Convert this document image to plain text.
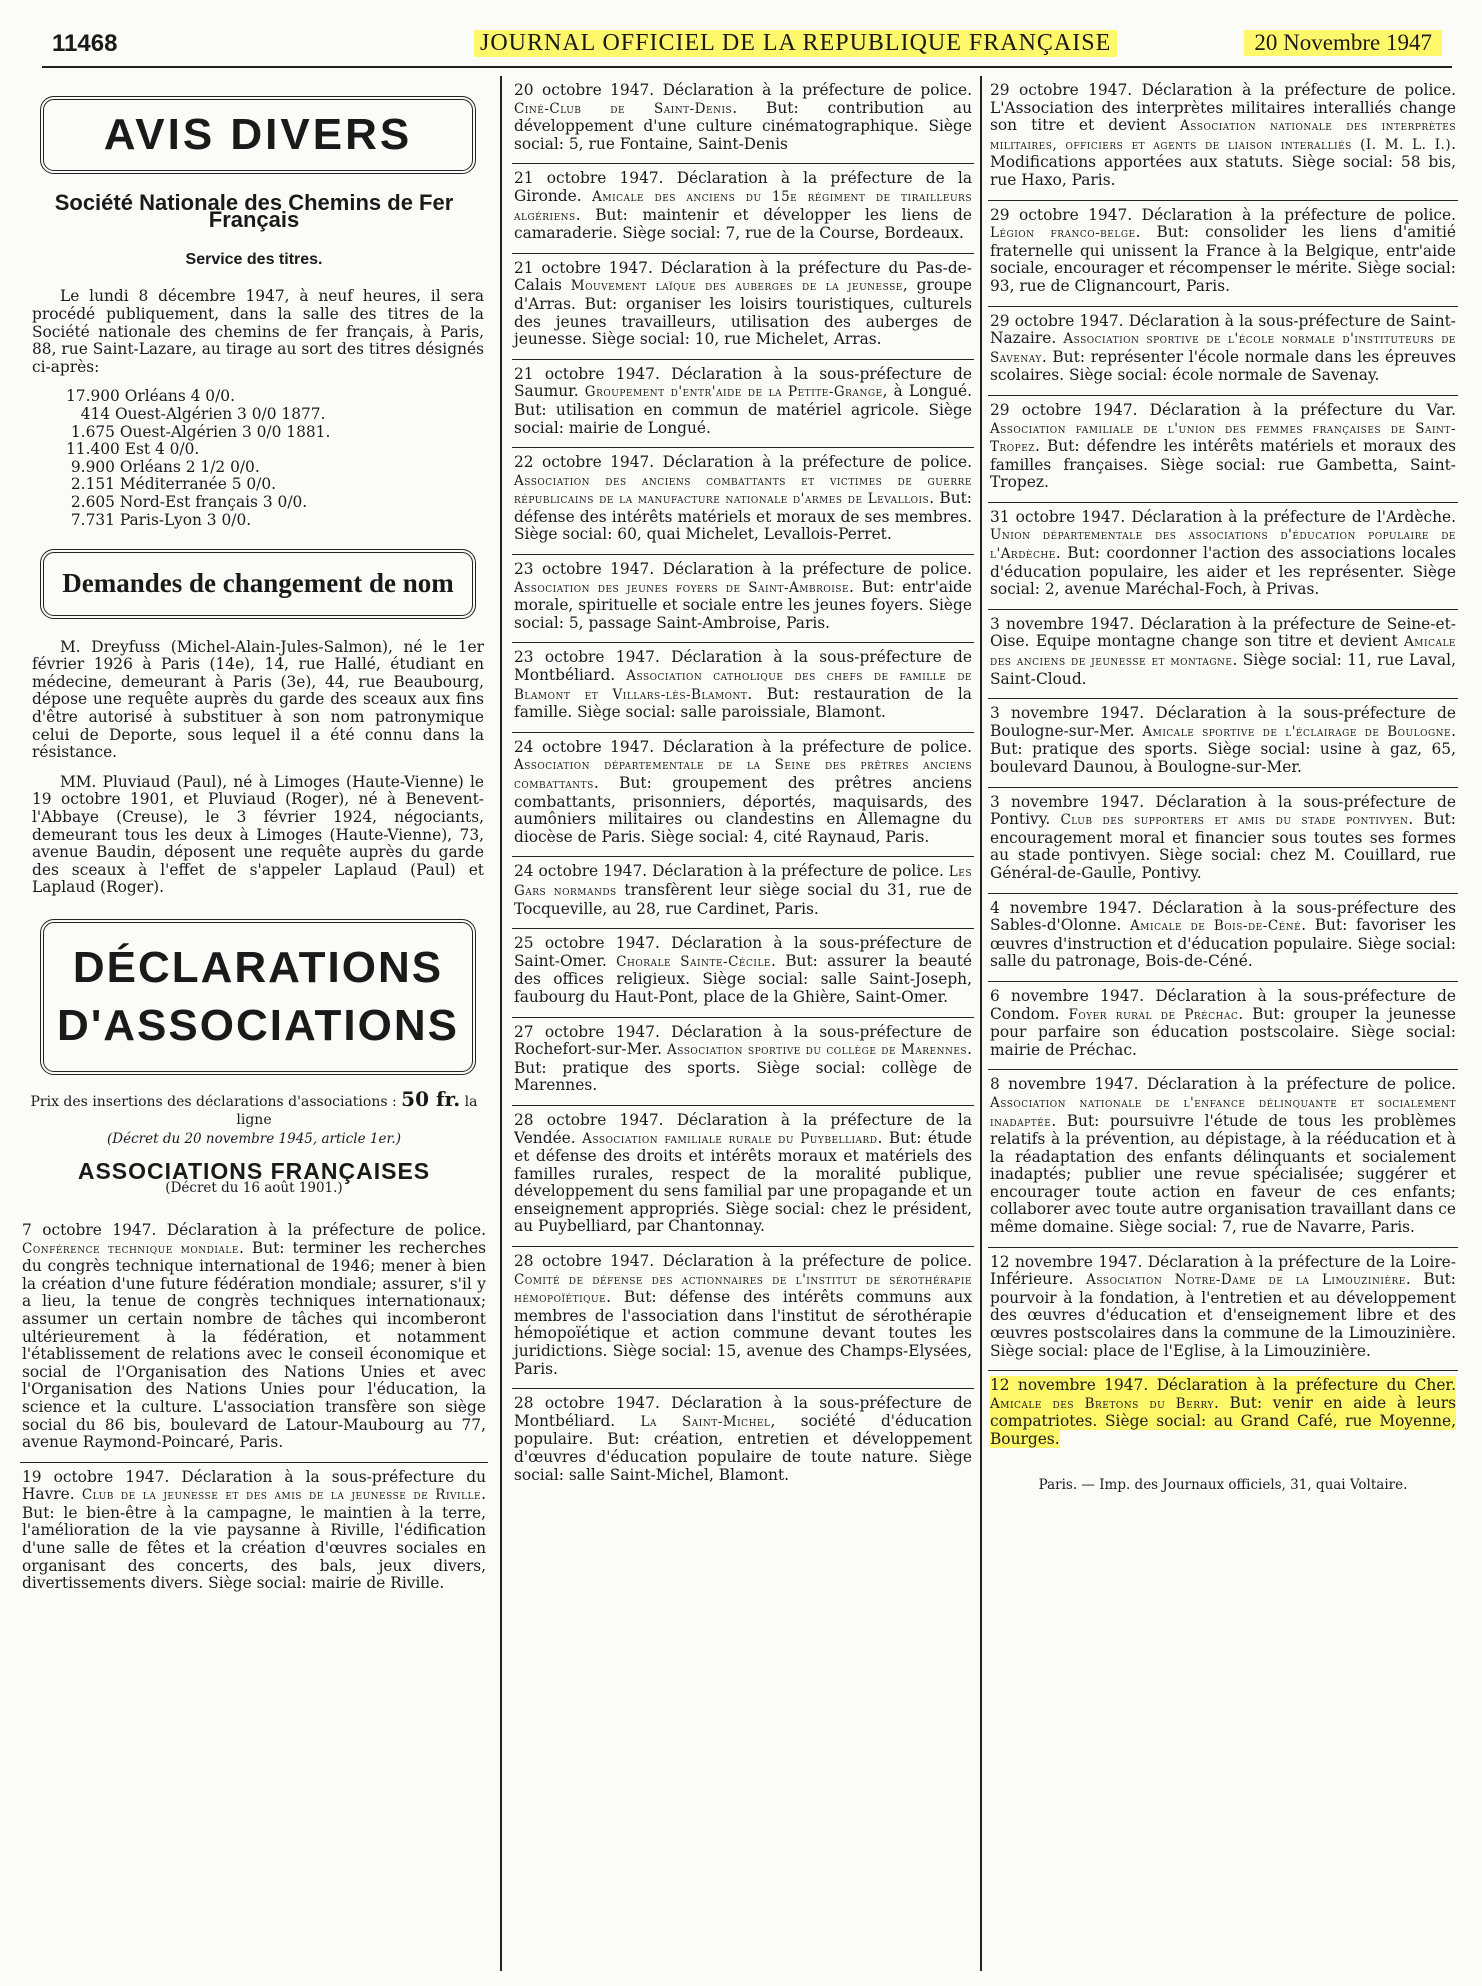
11468	JOURNAL OFFICIEL DE LA REPUBLIQUE FRANÇAISE	20 Novembre 1947
AVIS DIVERS
Société Nationale des Chemins de Fer Français
Service des titres.
Le lundi 8 décembre 1947, à neuf heures, il sera procédé publiquement, dans la salle des titres de la Société nationale des chemins de fer français, à Paris, 88, rue Saint-Lazare, au tirage au sort des titres désignés ci-après:
17.900 Orléans 4 0/0.
414 Ouest-Algérien 3 0/0 1877.
1.675 Ouest-Algérien 3 0/0 1881.
11.400 Est 4 0/0.
9.900 Orléans 2 1/2 0/0.
2.151 Méditerranée 5 0/0.
2.605 Nord-Est français 3 0/0.
7.731 Paris-Lyon 3 0/0.
Demandes de changement de nom
M. Dreyfuss (Michel-Alain-Jules-Salmon), né le 1er février 1926 à Paris (14e), 14, rue Hallé, étudiant en médecine, demeurant à Paris (3e), 44, rue Beaubourg, dépose une requête auprès du garde des sceaux aux fins d'être autorisé à substituer à son nom patronymique celui de Deporte, sous lequel il a été connu dans la résistance.
MM. Pluviaud (Paul), né à Limoges (Haute-Vienne) le 19 octobre 1901, et Pluviaud (Roger), né à Benevent-l'Abbaye (Creuse), le 3 février 1924, négociants, demeurant tous les deux à Limoges (Haute-Vienne), 73, avenue Baudin, déposent une requête auprès du garde des sceaux à l'effet de s'appeler Laplaud (Paul) et Laplaud (Roger).
DÉCLARATIONS
D'ASSOCIATIONS
Prix des insertions des déclarations d'associations : 50 fr. la ligne
(Décret du 20 novembre 1945, article 1er.)
ASSOCIATIONS FRANÇAISES
(Décret du 16 août 1901.)
7 octobre 1947. Déclaration à la préfecture de police. Conférence technique mondiale. But: terminer les recherches du congrès technique international de 1946; mener à bien la création d'une future fédération mondiale; assurer, s'il y a lieu, la tenue de congrès techniques internationaux; assumer un certain nombre de tâches qui incomberont ultérieurement à la fédération, et notamment l'établissement de relations avec le conseil économique et social de l'Organisation des Nations Unies et avec l'Organisation des Nations Unies pour l'éducation, la science et la culture. L'association transfère son siège social du 86 bis, boulevard de Latour-Maubourg au 77, avenue Raymond-Poincaré, Paris.
19 octobre 1947. Déclaration à la sous-préfecture du Havre. Club de la jeunesse et des amis de la jeunesse de Riville. But: le bien-être à la campagne, le maintien à la terre, l'amélioration de la vie paysanne à Riville, l'édification d'une salle de fêtes et la création d'œuvres sociales en organisant des concerts, des bals, jeux divers, divertissements divers. Siège social: mairie de Riville.
20 octobre 1947. Déclaration à la préfecture de police. Ciné-Club de Saint-Denis. But: contribution au développement d'une culture cinématographique. Siège social: 5, rue Fontaine, Saint-Denis
21 octobre 1947. Déclaration à la préfecture de la Gironde. Amicale des anciens du 15e régiment de tirailleurs algériens. But: maintenir et développer les liens de camaraderie. Siège social: 7, rue de la Course, Bordeaux.
21 octobre 1947. Déclaration à la préfecture du Pas-de-Calais Mouvement laïque des auberges de la jeunesse, groupe d'Arras. But: organiser les loisirs touristiques, culturels des jeunes travailleurs, utilisation des auberges de jeunesse. Siège social: 10, rue Michelet, Arras.
21 octobre 1947. Déclaration à la sous-préfecture de Saumur. Groupement d'entr'aide de la Petite-Grange, à Longué. But: utilisation en commun de matériel agricole. Siège social: mairie de Longué.
22 octobre 1947. Déclaration à la préfecture de police. Association des anciens combattants et victimes de guerre républicains de la manufacture nationale d'armes de Levallois. But: défense des intérêts matériels et moraux de ses membres. Siège social: 60, quai Michelet, Levallois-Perret.
23 octobre 1947. Déclaration à la préfecture de police. Association des jeunes foyers de Saint-Ambroise. But: entr'aide morale, spirituelle et sociale entre les jeunes foyers. Siège social: 5, passage Saint-Ambroise, Paris.
23 octobre 1947. Déclaration à la sous-préfecture de Montbéliard. Association catholique des chefs de famille de Blamont et Villars-lès-Blamont. But: restauration de la famille. Siège social: salle paroissiale, Blamont.
24 octobre 1947. Déclaration à la préfecture de police. Association départementale de la Seine des prêtres anciens combattants. But: groupement des prêtres anciens combattants, prisonniers, déportés, maquisards, des aumôniers militaires ou clandestins en Allemagne du diocèse de Paris. Siège social: 4, cité Raynaud, Paris.
24 octobre 1947. Déclaration à la préfecture de police. Les Gars normands transfèrent leur siège social du 31, rue de Tocqueville, au 28, rue Cardinet, Paris.
25 octobre 1947. Déclaration à la sous-préfecture de Saint-Omer. Chorale Sainte-Cécile. But: assurer la beauté des offices religieux. Siège social: salle Saint-Joseph, faubourg du Haut-Pont, place de la Ghière, Saint-Omer.
27 octobre 1947. Déclaration à la sous-préfecture de Rochefort-sur-Mer. Association sportive du collège de Marennes. But: pratique des sports. Siège social: collège de Marennes.
28 octobre 1947. Déclaration à la préfecture de la Vendée. Association familiale rurale du Puybelliard. But: étude et défense des droits et intérêts moraux et matériels des familles rurales, respect de la moralité publique, développement du sens familial par une propagande et un enseignement appropriés. Siège social: chez le président, au Puybelliard, par Chantonnay.
28 octobre 1947. Déclaration à la préfecture de police. Comité de défense des actionnaires de l'institut de sérothérapie hémopoïétique. But: défense des intérêts communs aux membres de l'association dans l'institut de sérothérapie hémopoïétique et action commune devant toutes les juridictions. Siège social: 15, avenue des Champs-Elysées, Paris.
28 octobre 1947. Déclaration à la sous-préfecture de Montbéliard. La Saint-Michel, société d'éducation populaire. But: création, entretien et développement d'œuvres d'éducation populaire de toute nature. Siège social: salle Saint-Michel, Blamont.
29 octobre 1947. Déclaration à la préfecture de police. L'Association des interprètes militaires interalliés change son titre et devient Association nationale des interprètes militaires, officiers et agents de liaison interalliés (I. M. L. I.). Modifications apportées aux statuts. Siège social: 58 bis, rue Haxo, Paris.
29 octobre 1947. Déclaration à la préfecture de police. Légion franco-belge. But: consolider les liens d'amitié fraternelle qui unissent la France à la Belgique, entr'aide sociale, encourager et récompenser le mérite. Siège social: 93, rue de Clignancourt, Paris.
29 octobre 1947. Déclaration à la sous-préfecture de Saint-Nazaire. Association sportive de l'école normale d'instituteurs de Savenay. But: représenter l'école normale dans les épreuves scolaires. Siège social: école normale de Savenay.
29 octobre 1947. Déclaration à la préfecture du Var. Association familiale de l'union des femmes françaises de Saint-Tropez. But: défendre les intérêts matériels et moraux des familles françaises. Siège social: rue Gambetta, Saint-Tropez.
31 octobre 1947. Déclaration à la préfecture de l'Ardèche. Union départementale des associations d'éducation populaire de l'Ardèche. But: coordonner l'action des associations locales d'éducation populaire, les aider et les représenter. Siège social: 2, avenue Maréchal-Foch, à Privas.
3 novembre 1947. Déclaration à la préfecture de Seine-et-Oise. Equipe montagne change son titre et devient Amicale des anciens de jeunesse et montagne. Siège social: 11, rue Laval, Saint-Cloud.
3 novembre 1947. Déclaration à la sous-préfecture de Boulogne-sur-Mer. Amicale sportive de l'éclairage de Boulogne. But: pratique des sports. Siège social: usine à gaz, 65, boulevard Daunou, à Boulogne-sur-Mer.
3 novembre 1947. Déclaration à la sous-préfecture de Pontivy. Club des supporters et amis du stade pontivyen. But: encouragement moral et financier sous toutes ses formes au stade pontivyen. Siège social: chez M. Couillard, rue Général-de-Gaulle, Pontivy.
4 novembre 1947. Déclaration à la sous-préfecture des Sables-d'Olonne. Amicale de Bois-de-Céné. But: favoriser les œuvres d'instruction et d'éducation populaire. Siège social: salle du patronage, Bois-de-Céné.
6 novembre 1947. Déclaration à la sous-préfecture de Condom. Foyer rural de Préchac. But: grouper la jeunesse pour parfaire son éducation postscolaire. Siège social: mairie de Préchac.
8 novembre 1947. Déclaration à la préfecture de police. Association nationale de l'enfance délinquante et socialement inadaptée. But: poursuivre l'étude de tous les problèmes relatifs à la prévention, au dépistage, à la rééducation et à la réadaptation des enfants délinquants et socialement inadaptés; publier une revue spécialisée; suggérer et encourager toute action en faveur de ces enfants; collaborer avec toute autre organisation travaillant dans ce même domaine. Siège social: 7, rue de Navarre, Paris.
12 novembre 1947. Déclaration à la préfecture de la Loire-Inférieure. Association Notre-Dame de la Limouzinière. But: pourvoir à la fondation, à l'entretien et au développement des œuvres d'éducation et d'enseignement libre et des œuvres postscolaires dans la commune de la Limouzinière. Siège social: place de l'Eglise, à la Limouzinière.
12 novembre 1947. Déclaration à la préfecture du Cher. Amicale des Bretons du Berry. But: venir en aide à leurs compatriotes. Siège social: au Grand Café, rue Moyenne, Bourges.
Paris. — Imp. des Journaux officiels, 31, quai Voltaire.
